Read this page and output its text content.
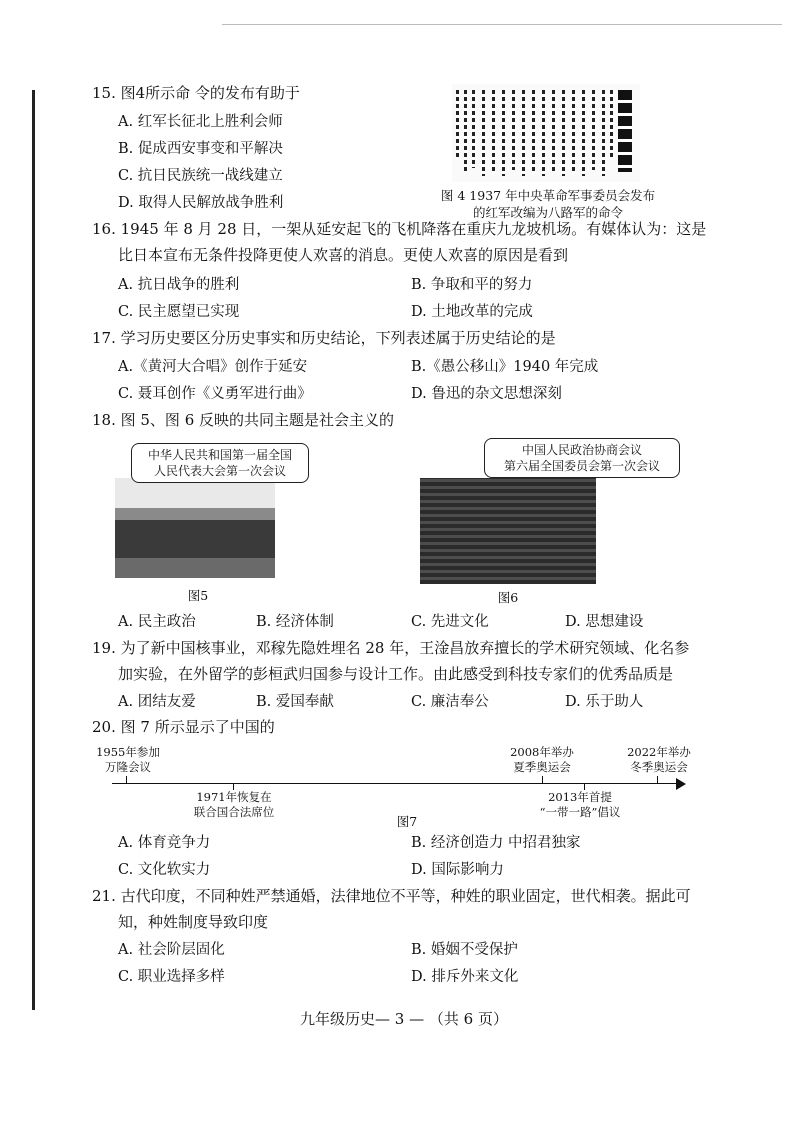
15. 图4所示命 令的发布有助于
A. 红军长征北上胜利会师
B. 促成西安事变和平解决
C. 抗日民族统一战线建立
D. 取得人民解放战争胜利	图 4 1937 年中央革命军事委员会发布
的红军改编为八路军的命令
16. 1945 年 8 月 28 日，一架从延安起飞的飞机降落在重庆九龙坡机场。有媒体认为：这是
比日本宣布无条件投降更使人欢喜的消息。更使人欢喜的原因是看到
A. 抗日战争的胜利	B. 争取和平的努力
C. 民主愿望已实现	D. 土地改革的完成
17. 学习历史要区分历史事实和历史结论，下列表述属于历史结论的是
A.《黄河大合唱》创作于延安	B.《愚公移山》1940 年完成
C. 聂耳创作《义勇军进行曲》	D. 鲁迅的杂文思想深刻
18. 图 5、图 6 反映的共同主题是社会主义的
中华人民共和国第一届全国
人民代表大会第一次会议
图5
中国人民政治协商会议
第六届全国委员会第一次会议
图6
A. 民主政治	B. 经济体制	C. 先进文化	D. 思想建设
19. 为了新中国核事业，邓稼先隐姓埋名 28 年，王淦昌放弃擅长的学术研究领域、化名参
加实验，在外留学的彭桓武归国参与设计工作。由此感受到科技专家们的优秀品质是
A. 团结友爱	B. 爱国奉献	C. 廉洁奉公	D. 乐于助人
20. 图 7 所示显示了中国的
1955年参加
万隆会议
1971年恢复在
联合国合法席位
2008年举办
夏季奥运会
2013年首提
“一带一路”倡议
2022年举办
冬季奥运会
图7
A. 体育竞争力	B. 经济创造力 中招君独家
C. 文化软实力	D. 国际影响力
21. 古代印度，不同种姓严禁通婚，法律地位不平等，种姓的职业固定，世代相袭。据此可
知，种姓制度导致印度
A. 社会阶层固化	B. 婚姻不受保护
C. 职业选择多样	D. 排斥外来文化
九年级历史— 3 — （共 6 页）
